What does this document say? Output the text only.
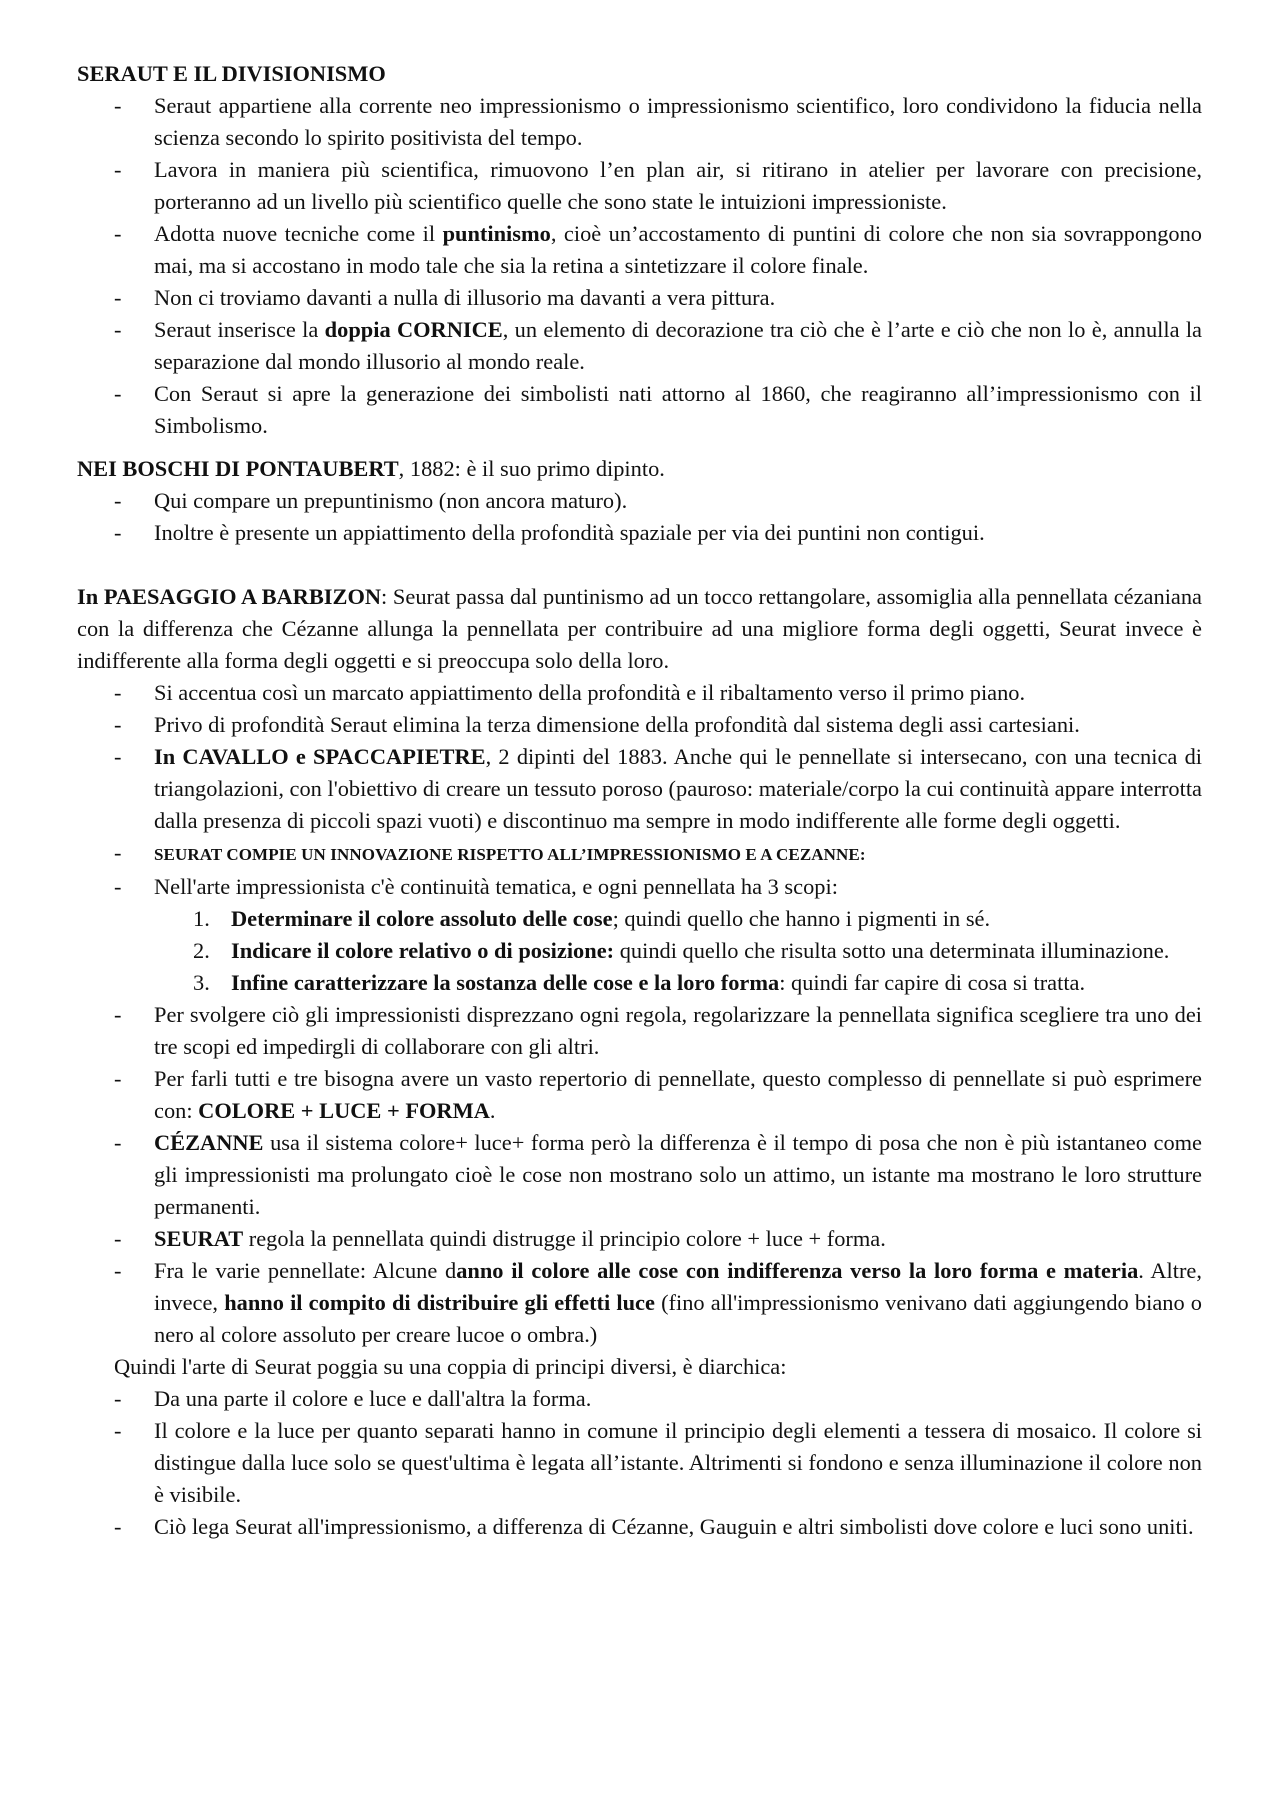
SERAUT E IL DIVISIONISMO

- Seraut appartiene alla corrente neo impressionismo o impressionismo scientifico, loro condividono la fiducia nella scienza secondo lo spirito positivista del tempo.
- Lavora in maniera più scientifica, rimuovono l’en plan air, si ritirano in atelier per lavorare con precisione, porteranno ad un livello più scientifico quelle che sono state le intuizioni impressioniste.
- Adotta nuove tecniche come il puntinismo, cioè un’accostamento di puntini di colore che non sia sovrappongono mai, ma si accostano in modo tale che sia la retina a sintetizzare il colore finale.
- Non ci troviamo davanti a nulla di illusorio ma davanti a vera pittura.
- Seraut inserisce la doppia CORNICE, un elemento di decorazione tra ciò che è l’arte e ciò che non lo è, annulla la separazione dal mondo illusorio al mondo reale.
- Con Seraut si apre la generazione dei simbolisti nati attorno al 1860, che reagiranno all’impressionismo con il Simbolismo.

NEI BOSCHI DI PONTAUBERT, 1882: è il suo primo dipinto.

- Qui compare un prepuntinismo (non ancora maturo).
- Inoltre è presente un appiattimento della profondità spaziale per via dei puntini non contigui.

In PAESAGGIO A BARBIZON: Seurat passa dal puntinismo ad un tocco rettangolare, assomiglia alla pennellata cézaniana con la differenza che Cézanne allunga la pennellata per contribuire ad una migliore forma degli oggetti, Seurat invece è indifferente alla forma degli oggetti e si preoccupa solo della loro.

- Si accentua così un marcato appiattimento della profondità e il ribaltamento verso il primo piano.
- Privo di profondità Seraut elimina la terza dimensione della profondità dal sistema degli assi cartesiani.
- In CAVALLO e SPACCAPIETRE, 2 dipinti del 1883. Anche qui le pennellate si intersecano, con una tecnica di triangolazioni, con l'obiettivo di creare un tessuto poroso (pauroso: materiale/corpo la cui continuità appare interrotta dalla presenza di piccoli spazi vuoti) e discontinuo ma sempre in modo indifferente alle forme degli oggetti.
- SEURAT COMPIE UN INNOVAZIONE RISPETTO ALL’IMPRESSIONISMO E A CEZANNE:
- Nell'arte impressionista c'è continuità tematica, e ogni pennellata ha 3 scopi:
1. Determinare il colore assoluto delle cose; quindi quello che hanno i pigmenti in sé.
2. Indicare il colore relativo o di posizione: quindi quello che risulta sotto una determinata illuminazione.
3. Infine caratterizzare la sostanza delle cose e la loro forma: quindi far capire di cosa si tratta.
- Per svolgere ciò gli impressionisti disprezzano ogni regola, regolarizzare la pennellata significa scegliere tra uno dei tre scopi ed impedirgli di collaborare con gli altri.
- Per farli tutti e tre bisogna avere un vasto repertorio di pennellate, questo complesso di pennellate si può esprimere con: COLORE + LUCE + FORMA.
- CÉZANNE usa il sistema colore+ luce+ forma però la differenza è il tempo di posa che non è più istantaneo come gli impressionisti ma prolungato cioè le cose non mostrano solo un attimo, un istante ma mostrano le loro strutture permanenti.
- SEURAT regola la pennellata quindi distrugge il principio colore + luce + forma.
- Fra le varie pennellate: Alcune danno il colore alle cose con indifferenza verso la loro forma e materia. Altre, invece, hanno il compito di distribuire gli effetti luce (fino all'impressionismo venivano dati aggiungendo biano o nero al colore assoluto per creare lucoe o ombra.)

Quindi l'arte di Seurat poggia su una coppia di principi diversi, è diarchica:

- Da una parte il colore e luce e dall'altra la forma.
- Il colore e la luce per quanto separati hanno in comune il principio degli elementi a tessera di mosaico. Il colore si distingue dalla luce solo se quest'ultima è legata all’istante. Altrimenti si fondono e senza illuminazione il colore non è visibile.
- Ciò lega Seurat all'impressionismo, a differenza di Cézanne, Gauguin e altri simbolisti dove colore e luci sono uniti.
